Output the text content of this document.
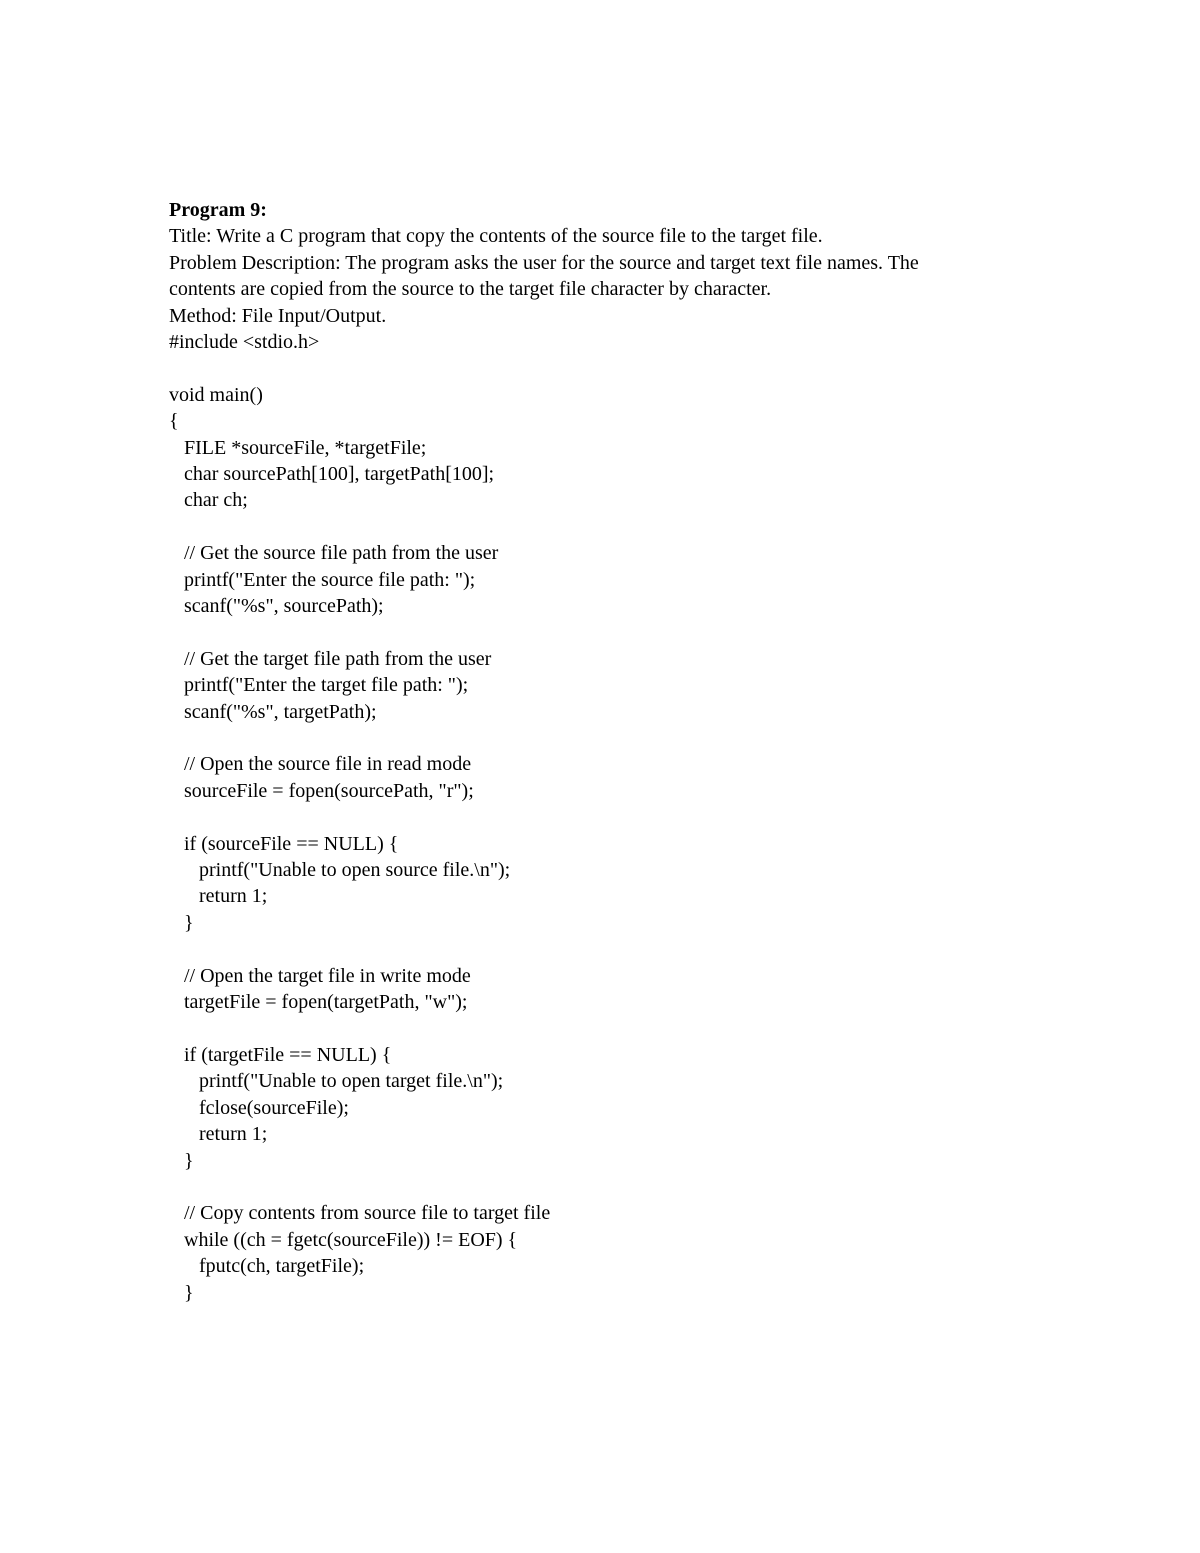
Program 9:
Title: Write a C program that copy the contents of the source file to the target file.
Problem Description: The program asks the user for the source and target text file names. The
contents are copied from the source to the target file character by character.
Method: File Input/Output.
#include <stdio.h>
void main()
{
FILE *sourceFile, *targetFile;
char sourcePath[100], targetPath[100];
char ch;
// Get the source file path from the user
printf("Enter the source file path: ");
scanf("%s", sourcePath);
// Get the target file path from the user
printf("Enter the target file path: ");
scanf("%s", targetPath);
// Open the source file in read mode
sourceFile = fopen(sourcePath, "r");
if (sourceFile == NULL) {
printf("Unable to open source file.\n");
return 1;
}
// Open the target file in write mode
targetFile = fopen(targetPath, "w");
if (targetFile == NULL) {
printf("Unable to open target file.\n");
fclose(sourceFile);
return 1;
}
// Copy contents from source file to target file
while ((ch = fgetc(sourceFile)) != EOF) {
fputc(ch, targetFile);
}
